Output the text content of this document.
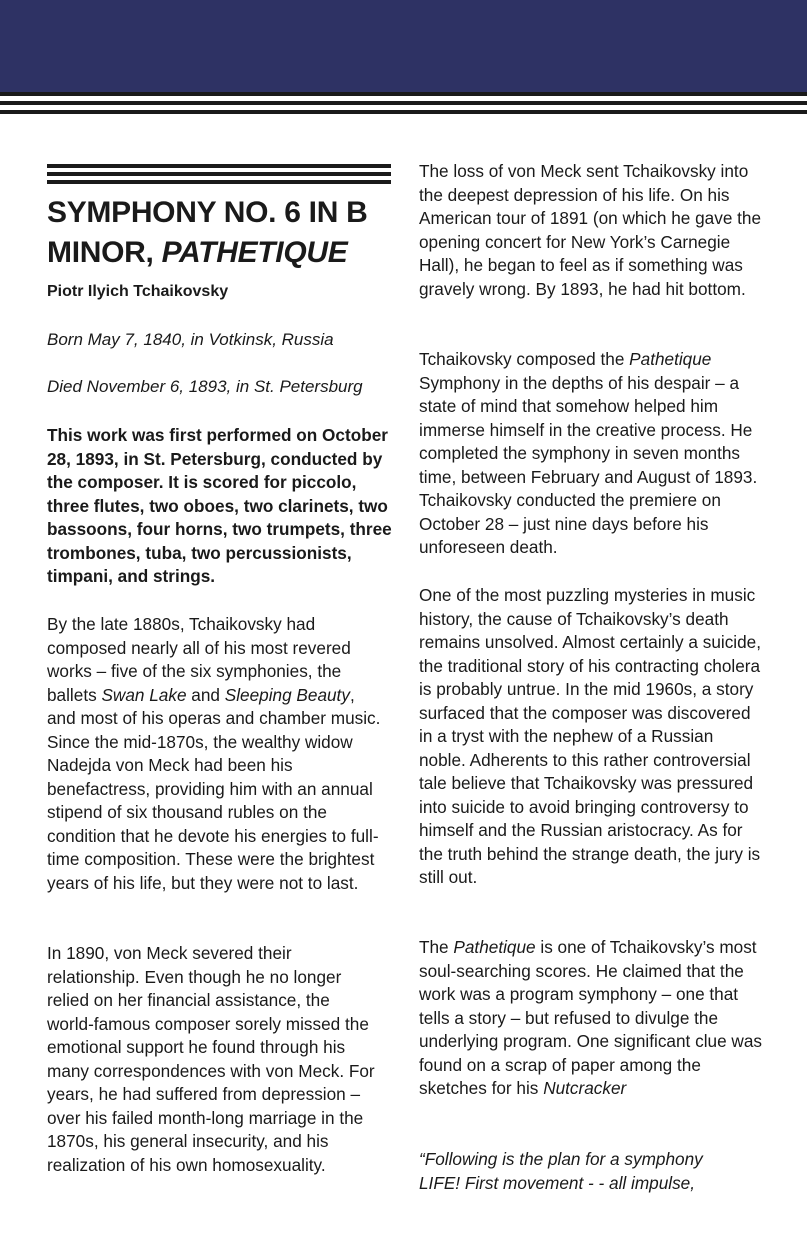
SYMPHONY NO. 6 IN B
MINOR, PATHETIQUE

Piotr Ilyich Tchaikovsky

Born May 7, 1840, in Votkinsk, Russia

Died November 6, 1893, in St. Petersburg

This work was first performed on October 28, 1893, in St. Petersburg, conducted by the composer. It is scored for piccolo, three flutes, two oboes, two clarinets, two bassoons, four horns, two trumpets, three trombones, tuba, two percussionists, timpani, and strings.

By the late 1880s, Tchaikovsky had composed nearly all of his most revered works – five of the six symphonies, the ballets Swan Lake and Sleeping Beauty, and most of his operas and chamber music. Since the mid-1870s, the wealthy widow Nadejda von Meck had been his benefactress, providing him with an annual stipend of six thousand rubles on the condition that he devote his energies to full-time composition. These were the brightest years of his life, but they were not to last.

In 1890, von Meck severed their relationship. Even though he no longer relied on her financial assistance, the world-famous composer sorely missed the emotional support he found through his many correspondences with von Meck. For years, he had suffered from depression – over his failed month-long marriage in the 1870s, his general insecurity, and his realization of his own homosexuality.

The loss of von Meck sent Tchaikovsky into the deepest depression of his life. On his American tour of 1891 (on which he gave the opening concert for New York’s Carnegie Hall), he began to feel as if something was gravely wrong. By 1893, he had hit bottom.

Tchaikovsky composed the Pathetique Symphony in the depths of his despair – a state of mind that somehow helped him immerse himself in the creative process. He completed the symphony in seven months time, between February and August of 1893. Tchaikovsky conducted the premiere on October 28 – just nine days before his unforeseen death.

One of the most puzzling mysteries in music history, the cause of Tchaikovsky’s death remains unsolved. Almost certainly a suicide, the traditional story of his contracting cholera is probably untrue. In the mid 1960s, a story surfaced that the composer was discovered in a tryst with the nephew of a Russian noble. Adherents to this rather controversial tale believe that Tchaikovsky was pressured into suicide to avoid bringing controversy to himself and the Russian aristocracy. As for the truth behind the strange death, the jury is still out.

The Pathetique is one of Tchaikovsky’s most soul-searching scores. He claimed that the work was a program symphony – one that tells a story – but refused to divulge the underlying program. One significant clue was found on a scrap of paper among the sketches for his Nutcracker

“Following is the plan for a symphony LIFE! First movement - - all impulse,
